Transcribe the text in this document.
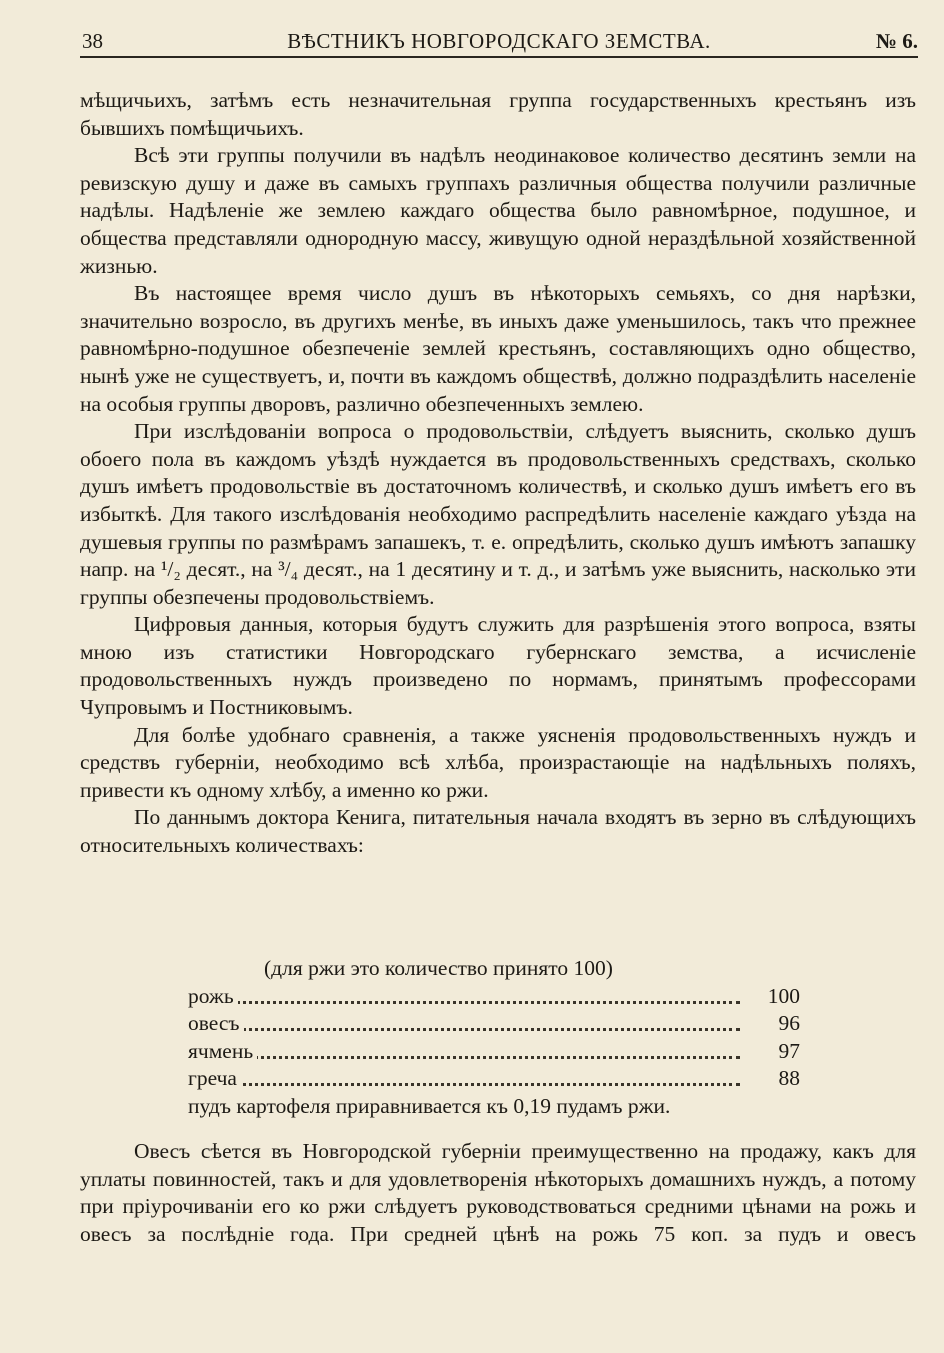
38	ВѢСТНИКЪ НОВГОРОДСКАГО ЗЕМСТВА.	№ 6.

мѣщичьихъ, затѣмъ есть незначительная группа государственныхъ крестьянъ изъ бывшихъ помѣщичьихъ.

Всѣ эти группы получили въ надѣлъ неодинаковое количество десятинъ земли на ревизскую душу и даже въ самыхъ группахъ различныя общества получили различные надѣлы. Надѣленіе же землею каждаго общества было равномѣрное, подушное, и общества представляли однородную массу, живущую одной нераздѣльной хозяйственной жизнью.

Въ настоящее время число душъ въ нѣкоторыхъ семьяхъ, со дня нарѣзки, значительно возросло, въ другихъ менѣе, въ иныхъ даже уменьшилось, такъ что прежнее равномѣрно-подушное обезпеченіе землей крестьянъ, составляющихъ одно общество, нынѣ уже не существуетъ, и, почти въ каждомъ обществѣ, должно подраздѣлить населеніе на особыя группы дворовъ, различно обезпеченныхъ землею.

При изслѣдованіи вопроса о продовольствіи, слѣдуетъ выяснить, сколько душъ обоего пола въ каждомъ уѣздѣ нуждается въ продовольственныхъ средствахъ, сколько душъ имѣетъ продовольствіе въ достаточномъ количествѣ, и сколько душъ имѣетъ его въ избыткѣ. Для такого изслѣдованія необходимо распредѣлить населеніе каждаго уѣзда на душевыя группы по размѣрамъ запашекъ, т. е. опредѣлить, сколько душъ имѣютъ запашку напр. на ¹/₂ десят., на ³/₄ десят., на 1 десятину и т. д., и затѣмъ уже выяснить, насколько эти группы обезпечены продовольствіемъ.

Цифровыя данныя, которыя будутъ служить для разрѣшенія этого вопроса, взяты мною изъ статистики Новгородскаго губернскаго земства, а исчисленіе продовольственныхъ нуждъ произведено по нормамъ, принятымъ профессорами Чупровымъ и Постниковымъ.

Для болѣе удобнаго сравненія, а также уясненія продовольственныхъ нуждъ и средствъ губерніи, необходимо всѣ хлѣба, произрастающіе на надѣльныхъ поляхъ, привести къ одному хлѣбу, а именно ко ржи.

По даннымъ доктора Кенига, питательныя начала входятъ въ зерно въ слѣдующихъ относительныхъ количествахъ:

(для ржи это количество принято 100)
рожь	100
овесъ	96
ячмень	97
греча	88
пудъ картофеля приравнивается къ 0,19 пудамъ ржи.

Овесъ сѣется въ Новгородской губерніи преимущественно на продажу, какъ для уплаты повинностей, такъ и для удовлетворенія нѣкоторыхъ домашнихъ нуждъ, а потому при пріурочиваніи его ко ржи слѣдуетъ руководствоваться средними цѣнами на рожь и овесъ за послѣдніе года. При средней цѣнѣ на рожь 75 коп. за пудъ и овесъ
